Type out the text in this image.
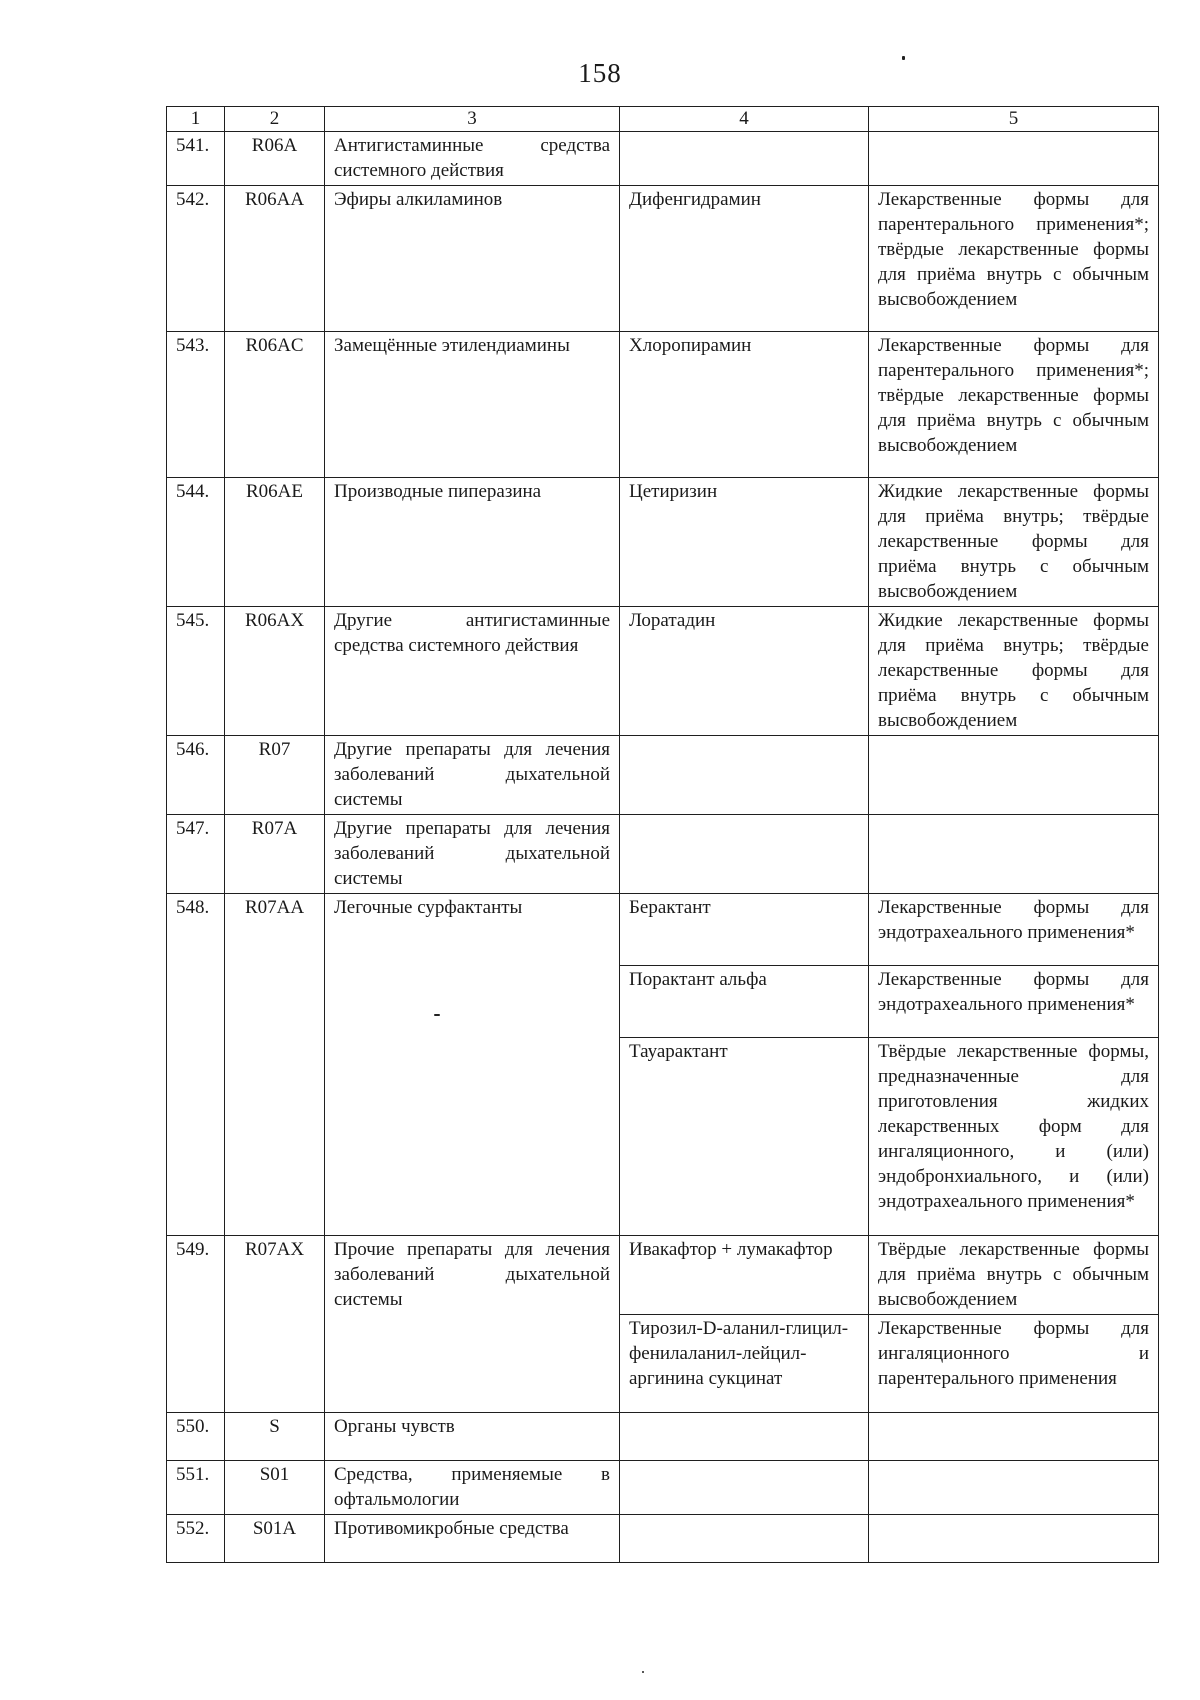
158
1	2	3	4	5
541.	R06A	Антигистаминные средства системного действия		
542.	R06AA	Эфиры алкиламинов	Дифенгидрамин	Лекарственные формы для парентерального применения*; твёрдые лекарственные формы для приёма внутрь с обычным высвобождением
543.	R06AC	Замещённые этилендиамины	Хлоропирамин	Лекарственные формы для парентерального применения*; твёрдые лекарственные формы для приёма внутрь с обычным высвобождением
544.	R06AE	Производные пиперазина	Цетиризин	Жидкие лекарственные формы для приёма внутрь; твёрдые лекарственные формы для приёма внутрь с обычным высвобождением
545.	R06AX	Другие антигистаминные средства системного действия	Лоратадин	Жидкие лекарственные формы для приёма внутрь; твёрдые лекарственные формы для приёма внутрь с обычным высвобождением
546.	R07	Другие препараты для лечения заболеваний дыхательной системы		
547.	R07A	Другие препараты для лечения заболеваний дыхательной системы		
548.	R07AA	Легочные сурфактанты	Берактант	Лекарственные формы для эндотрахеального применения*
			Порактант альфа	Лекарственные формы для эндотрахеального применения*
			Тауарактант	Твёрдые лекарственные формы, предназначенные для приготовления жидких лекарственных форм для ингаляционного, и (или) эндобронхиального, и (или) эндотрахеального применения*
549.	R07AX	Прочие препараты для лечения заболеваний дыхательной системы	Ивакафтор + лумакафтор	Твёрдые лекарственные формы для приёма внутрь с обычным высвобождением
			Тирозил-D-аланил-глицил-фенилаланил-лейцил-аргинина сукцинат	Лекарственные формы для ингаляционного и парентерального применения
550.	S	Органы чувств		
551.	S01	Средства, применяемые в офтальмологии		
552.	S01A	Противомикробные средства		
